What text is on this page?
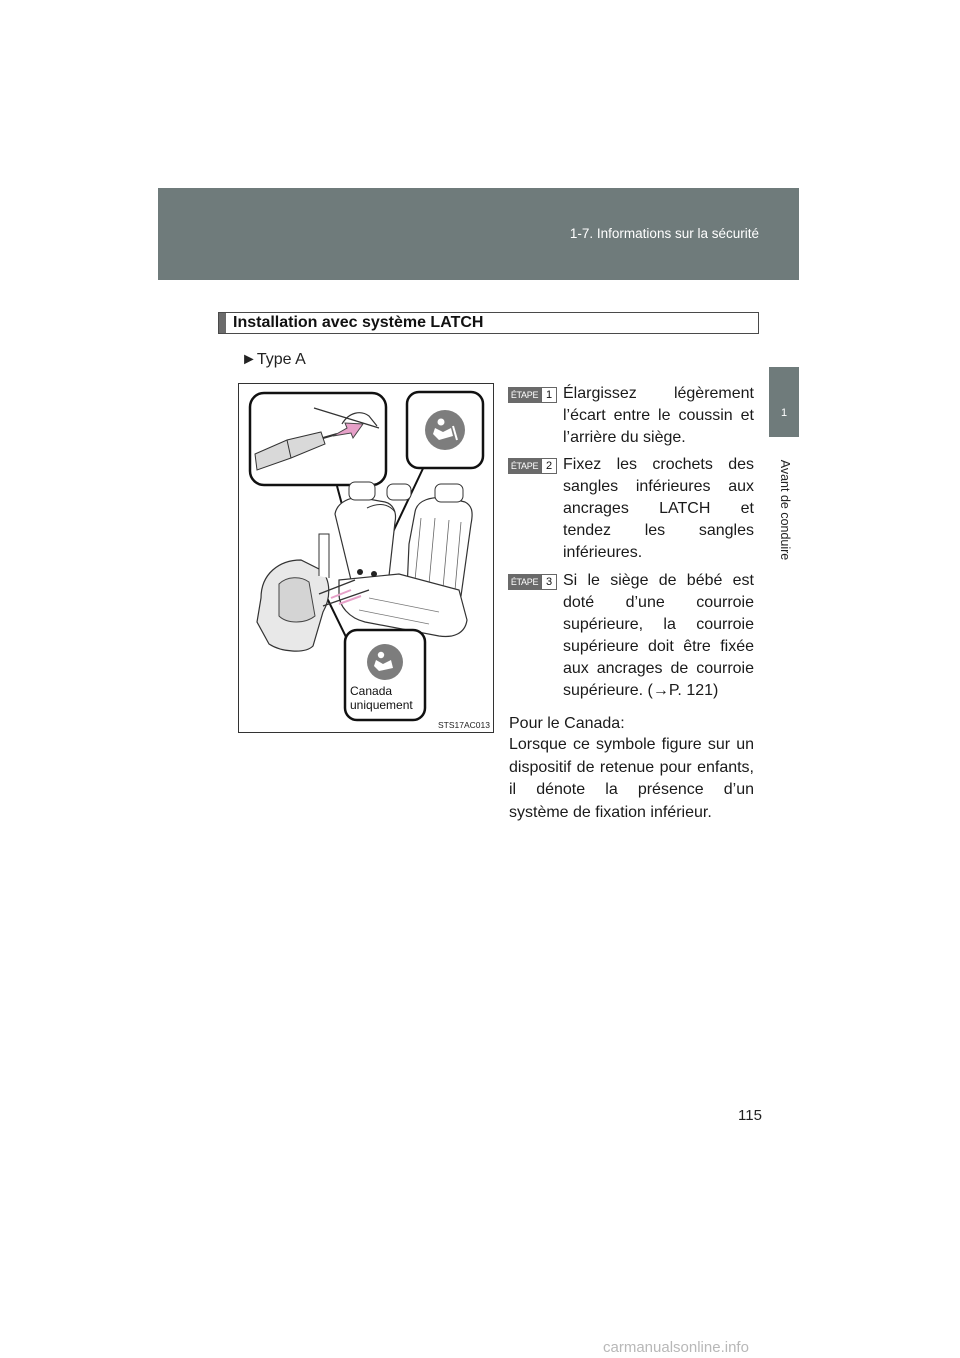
1-7. Informations sur la sécurité
1
Avant de conduire
Installation avec système LATCH
►Type A
Canada
uniquement
STS17AC013
ÉTAPE 1 Élargissez légèrement l’écart entre le coussin et l’arrière du siège.
ÉTAPE 2 Fixez les crochets des sangles inférieures aux ancrages LATCH et tendez les sangles inférieures.
ÉTAPE 3 Si le siège de bébé est doté d’une courroie supérieure, la courroie supérieure doit être fixée aux ancrages de courroie supérieure. (→P. 121)
Pour le Canada:
Lorsque ce symbole figure sur un dispositif de retenue pour enfants, il dénote la présence d’un système de fixation inférieur.
115
carmanualsonline.info
